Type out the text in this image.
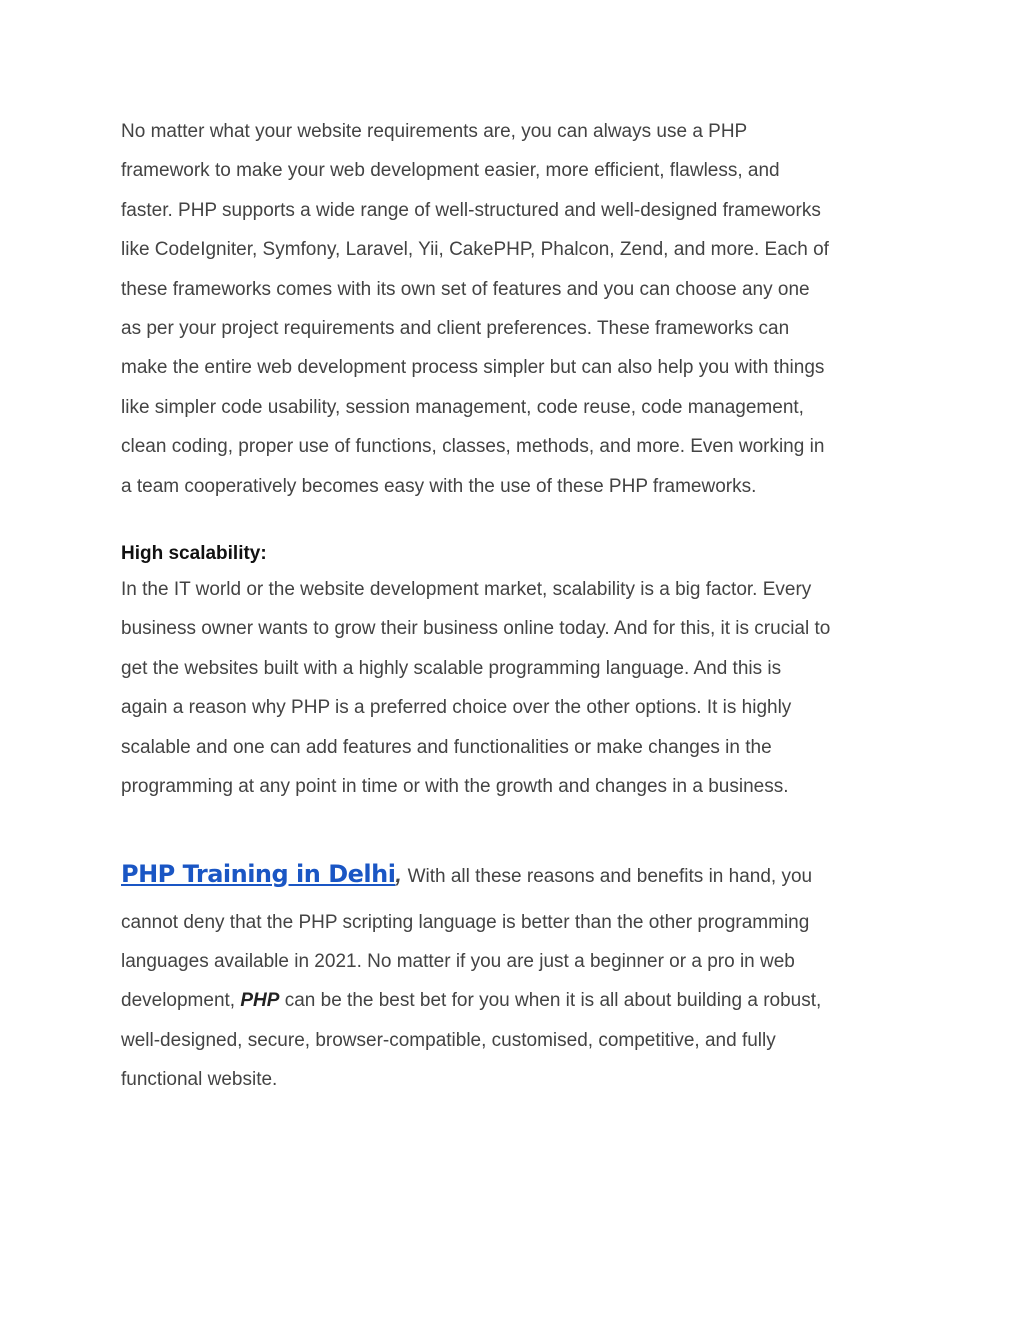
No matter what your website requirements are, you can always use a PHP
framework to make your web development easier, more efficient, flawless, and
faster. PHP supports a wide range of well-structured and well-designed frameworks
like CodeIgniter, Symfony, Laravel, Yii, CakePHP, Phalcon, Zend, and more. Each of
these frameworks comes with its own set of features and you can choose any one
as per your project requirements and client preferences. These frameworks can
make the entire web development process simpler but can also help you with things
like simpler code usability, session management, code reuse, code management,
clean coding, proper use of functions, classes, methods, and more. Even working in
a team cooperatively becomes easy with the use of these PHP frameworks.
High scalability:
In the IT world or the website development market, scalability is a big factor. Every
business owner wants to grow their business online today. And for this, it is crucial to
get the websites built with a highly scalable programming language. And this is
again a reason why PHP is a preferred choice over the other options. It is highly
scalable and one can add features and functionalities or make changes in the
programming at any point in time or with the growth and changes in a business.
PHP Training in Delhi, With all these reasons and benefits in hand, you
cannot deny that the PHP scripting language is better than the other programming
languages available in 2021. No matter if you are just a beginner or a pro in web
development, PHP can be the best bet for you when it is all about building a robust,
well-designed, secure, browser-compatible, customised, competitive, and fully
functional website.
